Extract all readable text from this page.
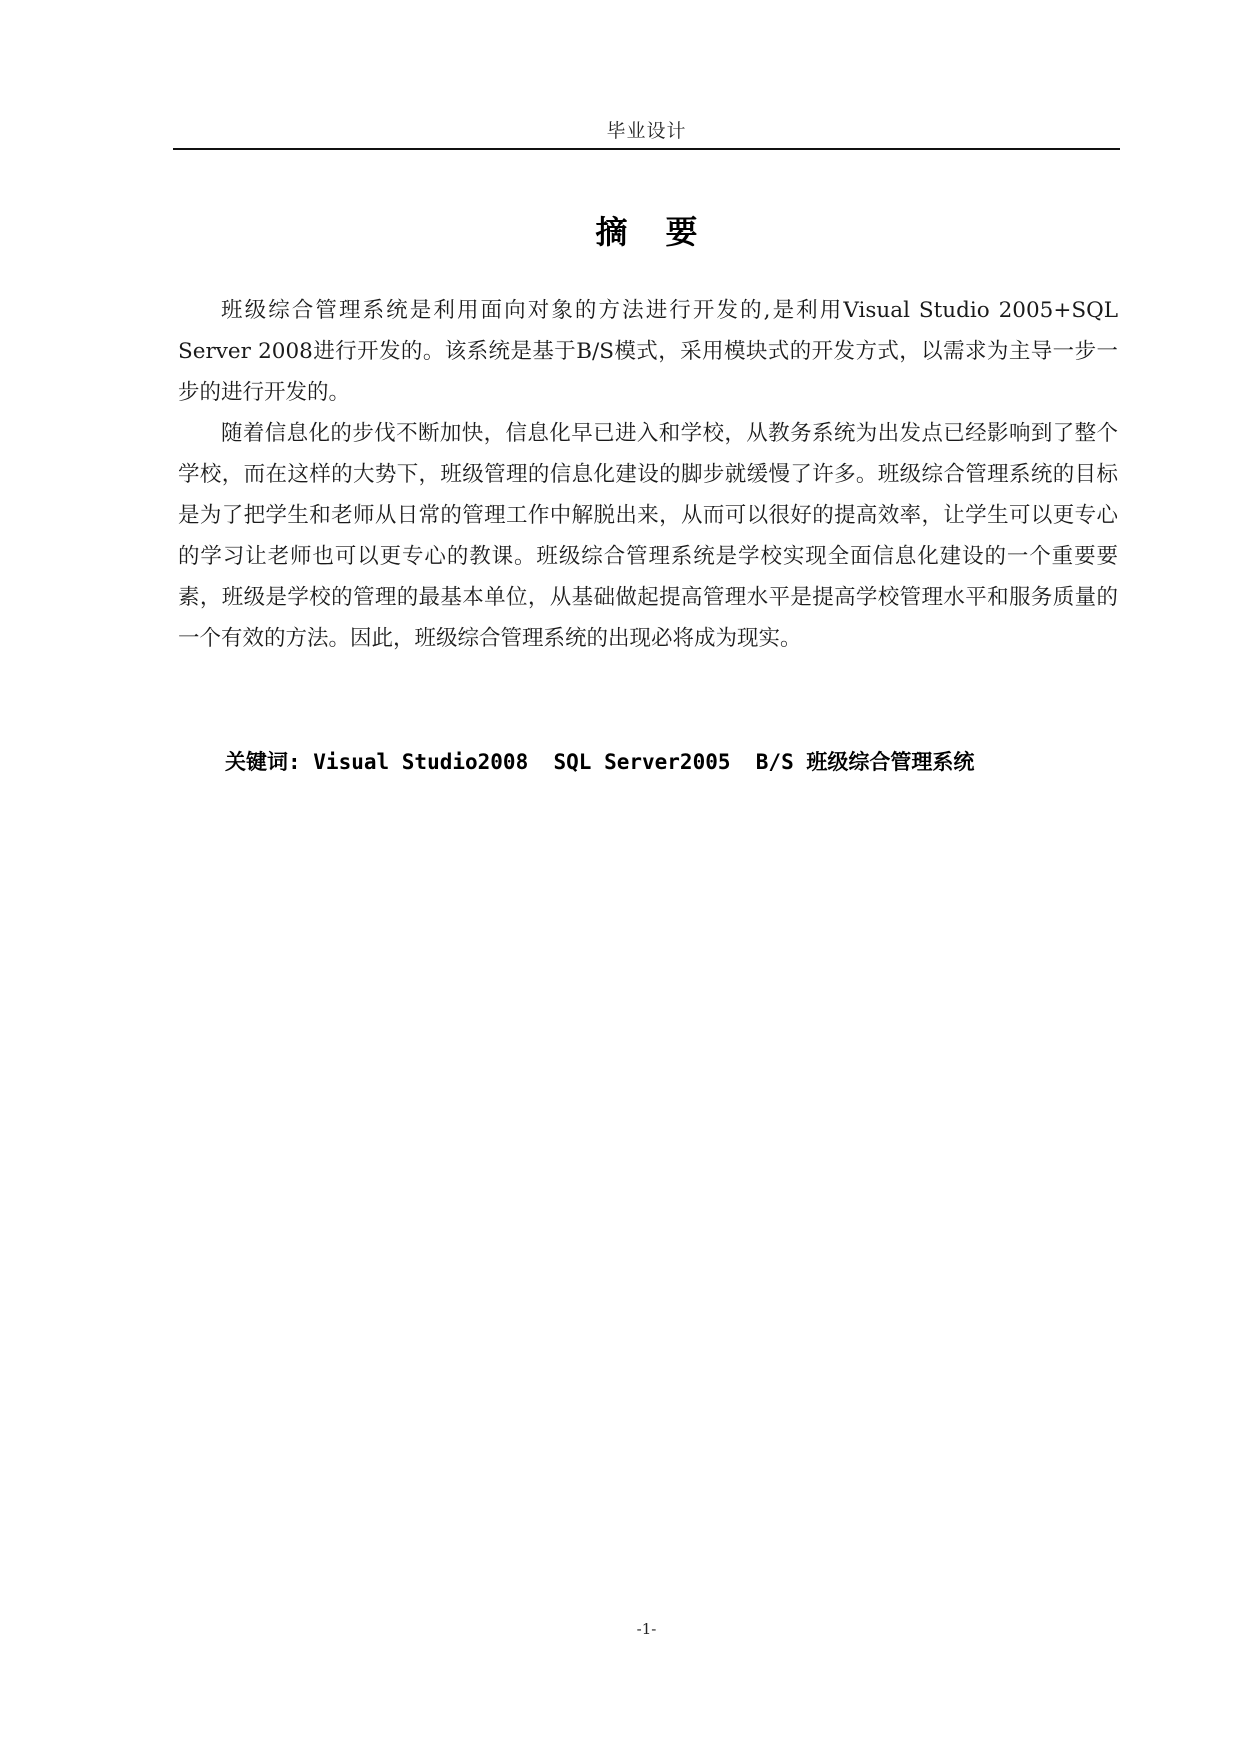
毕业设计
摘要

班级综合管理系统是利用面向对象的方法进行开发的,是利用Visual Studio 2005+SQL Server 2008进行开发的。该系统是基于B/S模式，采用模块式的开发方式，以需求为主导一步一步的进行开发的。

随着信息化的步伐不断加快，信息化早已进入和学校，从教务系统为出发点已经影响到了整个学校，而在这样的大势下，班级管理的信息化建设的脚步就缓慢了许多。班级综合管理系统的目标是为了把学生和老师从日常的管理工作中解脱出来，从而可以很好的提高效率，让学生可以更专心的学习让老师也可以更专心的教课。班级综合管理系统是学校实现全面信息化建设的一个重要要素，班级是学校的管理的最基本单位，从基础做起提高管理水平是提高学校管理水平和服务质量的一个有效的方法。因此，班级综合管理系统的出现必将成为现实。

关键词: Visual Studio2008  SQL Server2005  B/S 班级综合管理系统
-1-
